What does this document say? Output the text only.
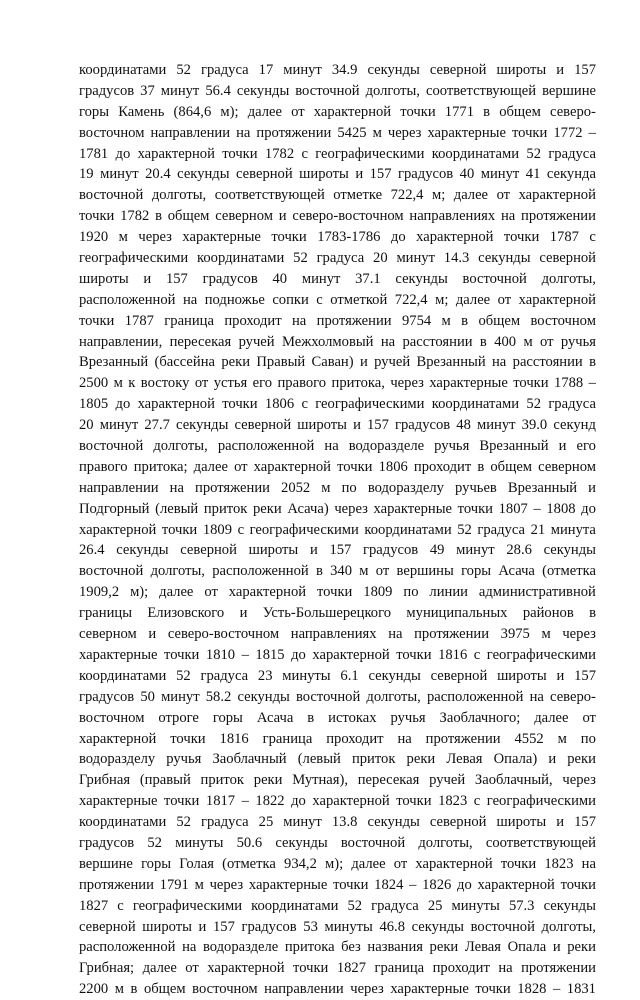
координатами 52 градуса 17 минут 34.9 секунды северной широты и 157
градусов 37 минут 56.4 секунды восточной долготы, соответствующей вершине
горы Камень (864,6 м); далее от характерной точки 1771 в общем северо-
восточном направлении на протяжении 5425 м через характерные точки 1772 –
1781 до характерной точки 1782 с географическими координатами 52 градуса
19 минут 20.4 секунды северной широты и 157 градусов 40 минут 41 секунда
восточной долготы, соответствующей отметке 722,4 м; далее от характерной
точки 1782 в общем северном и северо-восточном направлениях на протяжении
1920 м через характерные точки 1783-1786 до характерной точки 1787 с
географическими координатами 52 градуса 20 минут 14.3 секунды северной
широты и 157 градусов 40 минут 37.1 секунды восточной долготы,
расположенной на подножье сопки с отметкой 722,4 м; далее от характерной
точки 1787 граница проходит на протяжении 9754 м в общем восточном
направлении, пересекая ручей Межхолмовый на расстоянии в 400 м от ручья
Врезанный (бассейна реки Правый Саван) и ручей Врезанный на расстоянии в
2500 м к востоку от устья его правого притока, через характерные точки 1788 –
1805 до характерной точки 1806 с географическими координатами 52 градуса
20 минут 27.7 секунды северной широты и 157 градусов 48 минут 39.0 секунд
восточной долготы, расположенной на водоразделе ручья Врезанный и его
правого притока; далее от характерной точки 1806 проходит в общем северном
направлении на протяжении 2052 м по водоразделу ручьев Врезанный и
Подгорный (левый приток реки Асача) через характерные точки 1807 – 1808 до
характерной точки 1809 с географическими координатами 52 градуса 21 минута
26.4 секунды северной широты и 157 градусов 49 минут 28.6 секунды
восточной долготы, расположенной в 340 м от вершины горы Асача (отметка
1909,2 м); далее от характерной точки 1809 по линии административной
границы Елизовского и Усть-Большерецкого муниципальных районов в
северном и северо-восточном направлениях на протяжении 3975 м через
характерные точки 1810 – 1815 до характерной точки 1816 с географическими
координатами 52 градуса 23 минуты 6.1 секунды северной широты и 157
градусов 50 минут 58.2 секунды восточной долготы, расположенной на северо-
восточном отроге горы Асача в истоках ручья Заоблачного; далее от
характерной точки 1816 граница проходит на протяжении 4552 м по
водоразделу ручья Заоблачный (левый приток реки Левая Опала) и реки
Грибная (правый приток реки Мутная), пересекая ручей Заоблачный, через
характерные точки 1817 – 1822 до характерной точки 1823 с географическими
координатами 52 градуса 25 минут 13.8 секунды северной широты и 157
градусов 52 минуты 50.6 секунды восточной долготы, соответствующей
вершине горы Голая (отметка 934,2 м); далее от характерной точки 1823 на
протяжении 1791 м через характерные точки 1824 – 1826 до характерной точки
1827 с географическими координатами 52 градуса 25 минуты 57.3 секунды
северной широты и 157 градусов 53 минуты 46.8 секунды восточной долготы,
расположенной на водоразделе притока без названия реки Левая Опала и реки
Грибная; далее от характерной точки 1827 граница проходит на протяжении
2200 м в общем восточном направлении через характерные точки 1828 – 1831
